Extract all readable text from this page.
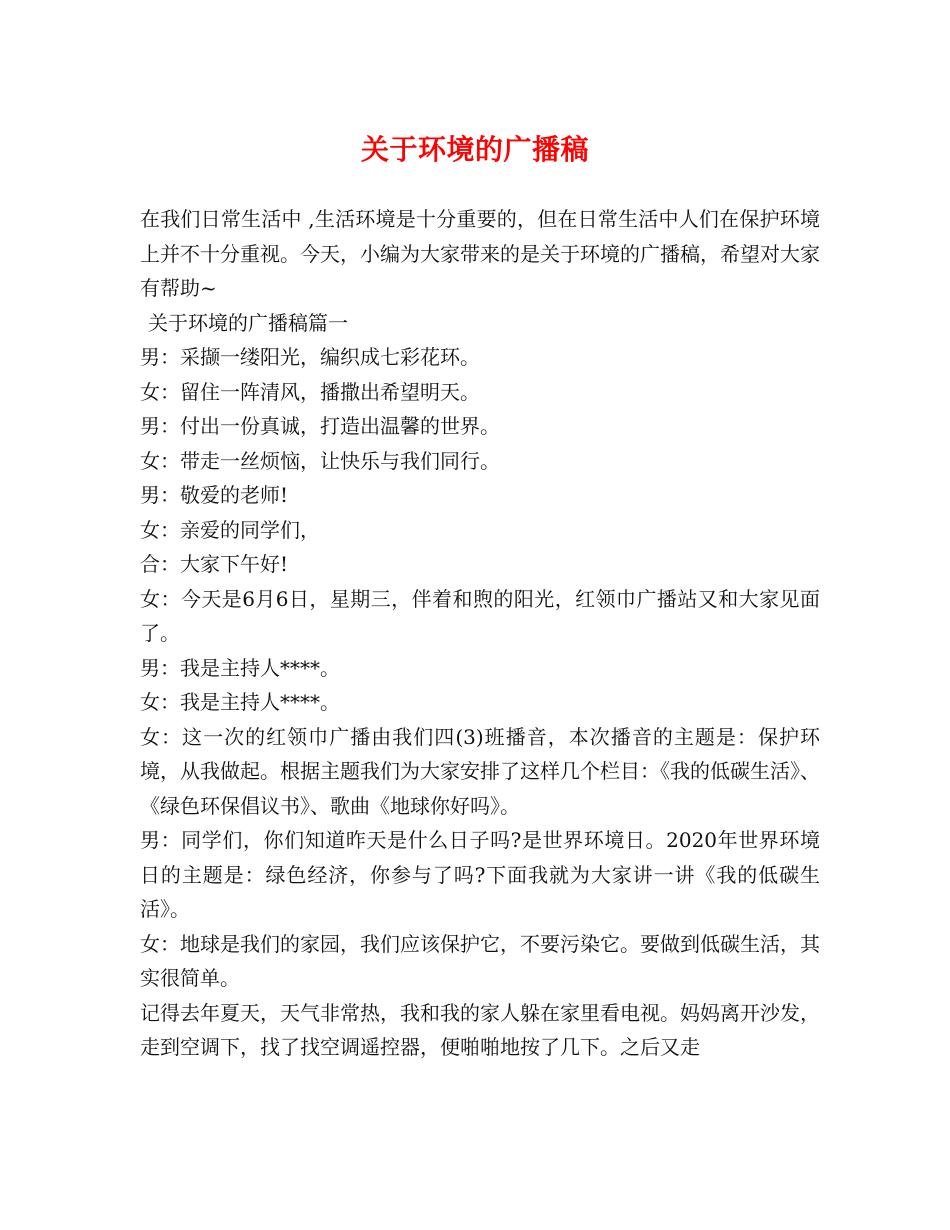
关于环境的广播稿

在我们日常生活中 ,生活环境是十分重要的，但在日常生活中人们在保护环境上并不十分重视。今天，小编为大家带来的是关于环境的广播稿，希望对大家有帮助~

关于环境的广播稿篇一

男：采撷一缕阳光，编织成七彩花环。

女：留住一阵清风，播撒出希望明天。

男：付出一份真诚，打造出温馨的世界。

女：带走一丝烦恼，让快乐与我们同行。

男：敬爱的老师!

女：亲爱的同学们，

合：大家下午好!

女：今天是6月6日，星期三，伴着和煦的阳光，红领巾广播站又和大家见面了。

男：我是主持人****。

女：我是主持人****。

女：这一次的红领巾广播由我们四(3)班播音，本次播音的主题是：保护环境，从我做起。根据主题我们为大家安排了这样几个栏目：《我的低碳生活》、《绿色环保倡议书》、歌曲《地球你好吗》。

男：同学们，你们知道昨天是什么日子吗?是世界环境日。2020年世界环境日的主题是：绿色经济，你参与了吗?下面我就为大家讲一讲《我的低碳生活》。

女：地球是我们的家园，我们应该保护它，不要污染它。要做到低碳生活，其实很简单。

记得去年夏天，天气非常热，我和我的家人躲在家里看电视。妈妈离开沙发，走到空调下，找了找空调遥控器，便啪啪地按了几下。之后又走
